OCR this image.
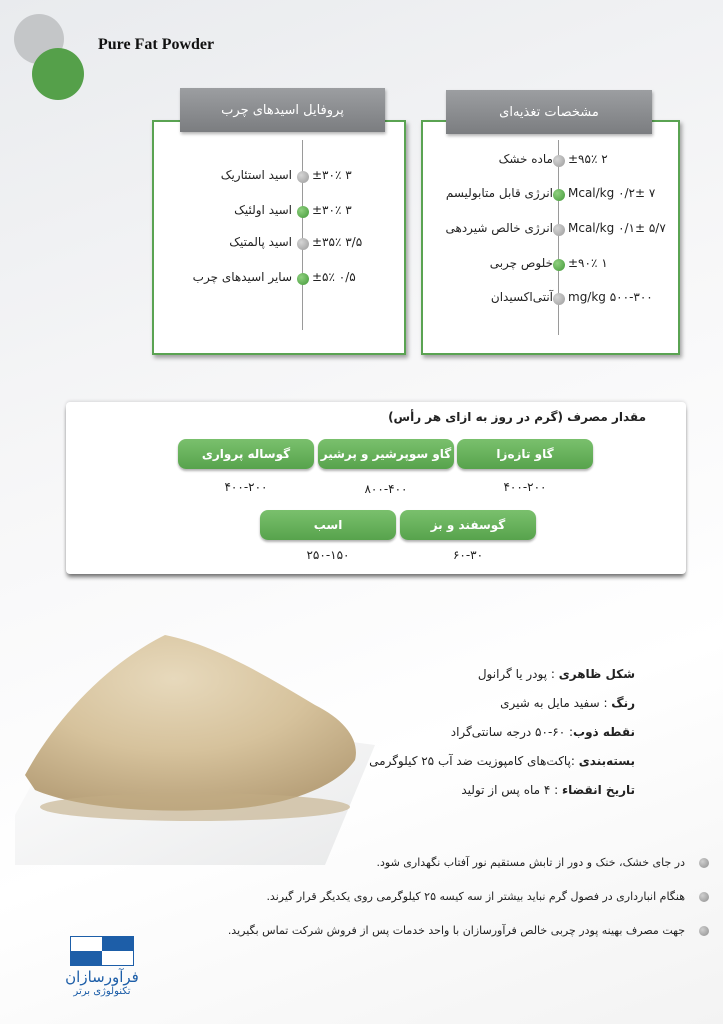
Pure Fat Powder
اسید استئاریک ۳ ±۳۰٪
اسید اولئیک ۳ ±۳۰٪
اسید پالمتیک ۳/۵ ±۳۵٪
سایر اسیدهای چرب ۰/۵ ±۵٪
پروفایل اسیدهای چرب
ماده خشک ۲ ±۹۵٪
انرژی قابل متابولیسم Mcal/kg ۰/۲± ۷
انرژی خالص شیردهی Mcal/kg ۰/۱± ۵/۷
خلوص چربی ۱ ±۹۰٪
آنتی‌اکسیدان mg/kg ۵۰۰-۳۰۰
مشخصات تغذیه‌ای
مقدار مصرف (گرم در روز به ازای هر رأس)
گاو تازه‌زا
گاو سوپرشیر و پرشیر
گوساله پرواری
۴۰۰-۲۰۰
۸۰۰-۴۰۰
۴۰۰-۲۰۰
گوسفند و بز
اسب
۶۰-۳۰
۲۵۰-۱۵۰
شکل ظاهری : پودر یا گرانول
رنگ : سفید مایل به شیری
نقطه ذوب: ۶۰-۵۰ درجه سانتی‌گراد
بسته‌بندی :پاکت‌های کامپوزیت ضد آب ۲۵ کیلوگرمی
تاریخ انقضاء : ۴ ماه پس از تولید
در جای خشک، خنک و دور از تابش مستقیم نور آفتاب نگهداری شود.
هنگام انبارداری در فصول گرم نباید بیشتر از سه کیسه ۲۵ کیلوگرمی روی یکدیگر قرار گیرند.
جهت مصرف بهینه پودر چربی خالص فرآورسازان با واحد خدمات پس از فروش شرکت تماس بگیرید.
فرآورسازان
تکنولوژی برتر
